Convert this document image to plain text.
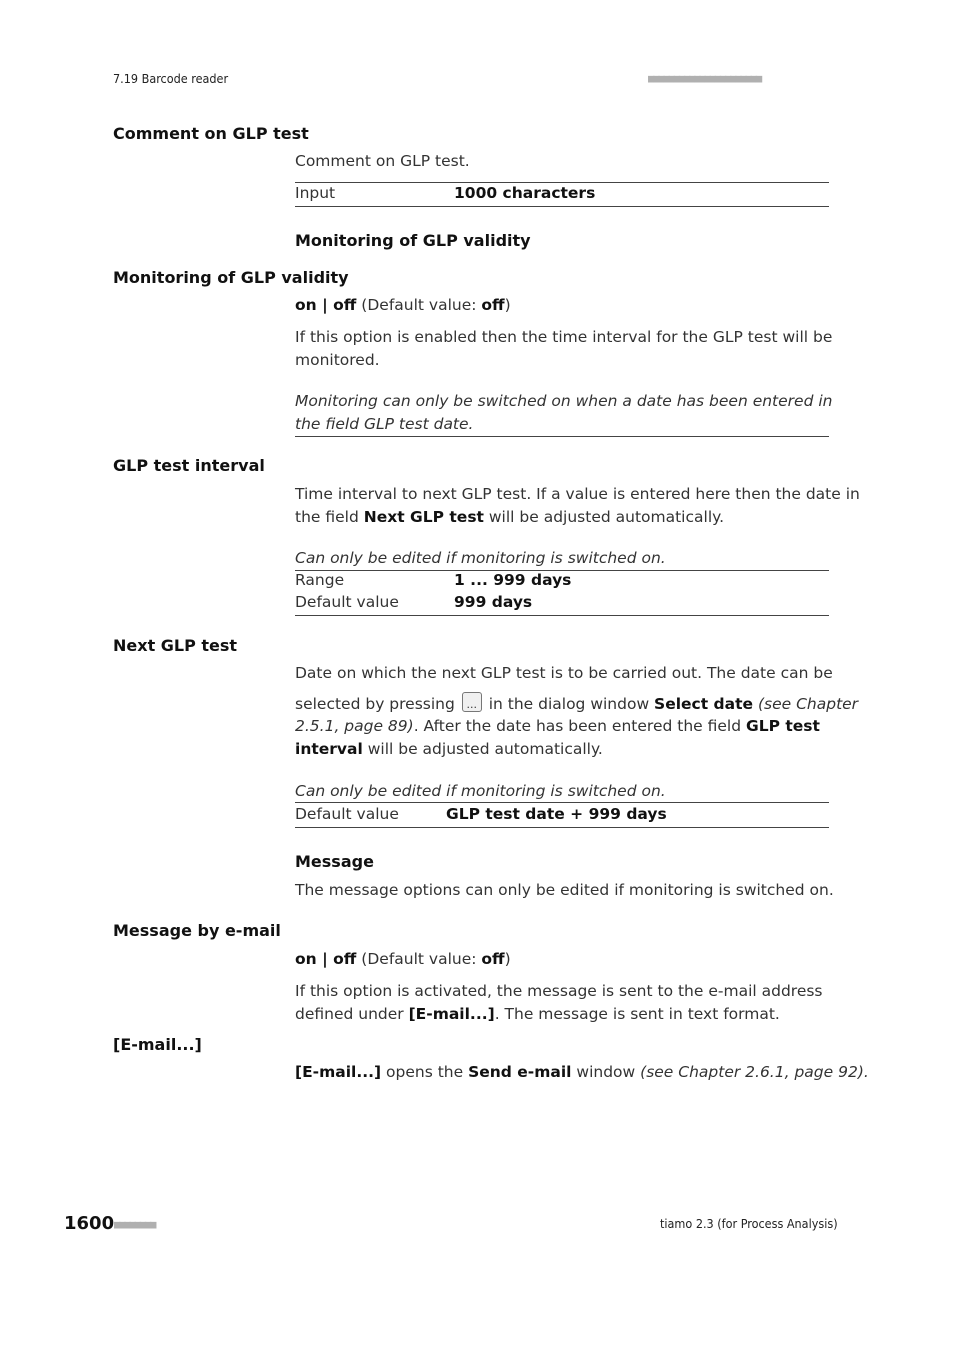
7.19 Barcode reader	■■■■■■■■■■■■■■■■■■■■■■
Comment on GLP test
Comment on GLP test.
Input	1000 characters
Monitoring of GLP validity
Monitoring of GLP validity
on | off (Default value: off)
If this option is enabled then the time interval for the GLP test will be
monitored.
Monitoring can only be switched on when a date has been entered in
the field GLP test date.
GLP test interval
Time interval to next GLP test. If a value is entered here then the date in
the field Next GLP test will be adjusted automatically.
Can only be edited if monitoring is switched on.
Range	1 ... 999 days
Default value	999 days
Next GLP test
Date on which the next GLP test is to be carried out. The date can be
selected by pressing	... in the dialog window Select date (see Chapter
2.5.1, page 89). After the date has been entered the field GLP test
interval will be adjusted automatically.
Can only be edited if monitoring is switched on.
Default value	GLP test date + 999 days
Message
The message options can only be edited if monitoring is switched on.
Message by e-mail
on | off (Default value: off)
If this option is activated, the message is sent to the e-mail address
defined under [E-mail...]. The message is sent in text format.
[E-mail...]
[E-mail...] opens the Send e-mail window (see Chapter 2.6.1, page 92).
1600 ■■■■■■■■	tiamo 2.3 (for Process Analysis)
